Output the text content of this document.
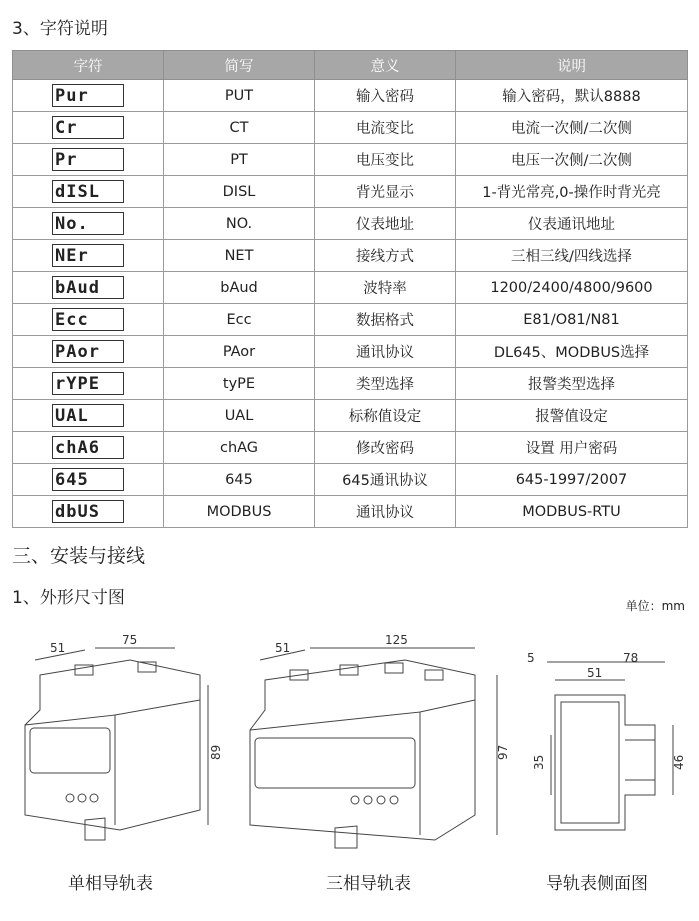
3、字符说明
字符	简写	意义	说明

Pur	PUT	输入密码	输入密码，默认8888

Cr	CT	电流变比	电流一次侧/二次侧

Pr	PT	电压变比	电压一次侧/二次侧

dISL	DISL	背光显示	1-背光常亮,0-操作时背光亮

No.	NO.	仪表地址	仪表通讯地址

NEr	NET	接线方式	三相三线/四线选择

bAud	bAud	波特率	1200/2400/4800/9600

Ecc	Ecc	数据格式	E81/O81/N81

PAor	PAor	通讯协议	DL645、MODBUS选择

rYPE	tyPE	类型选择	报警类型选择

UAL	UAL	标称值设定	报警值设定

chA6	chAG	修改密码	设置 用户密码

645	645	645通讯协议	645-1997/2007

dbUS	MODBUS	通讯协议	MODBUS-RTU
三、安装与接线
1、外形尺寸图	单位：mm
51
75
89
51
125
97
5	78
51
35	46
单相导轨表	三相导轨表	导轨表侧面图
